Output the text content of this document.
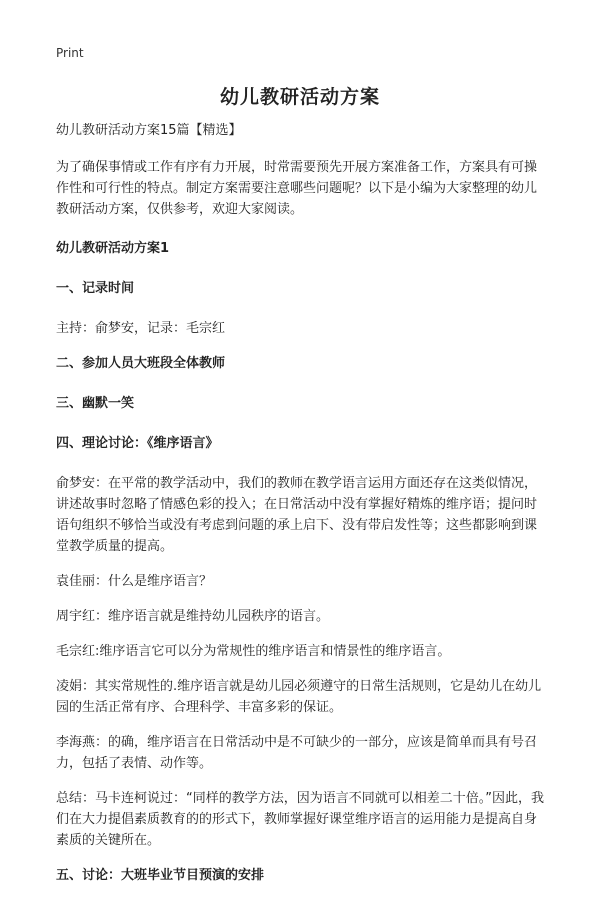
Print
幼儿教研活动方案

幼儿教研活动方案15篇【精选】

为了确保事情或工作有序有力开展，时常需要预先开展方案准备工作，方案具有可操作性和可行性的特点。制定方案需要注意哪些问题呢？以下是小编为大家整理的幼儿教研活动方案，仅供参考，欢迎大家阅读。

幼儿教研活动方案1

一、记录时间

主持：俞梦安，记录：毛宗红

二、参加人员大班段全体教师

三、幽默一笑

四、理论讨论：《维序语言》

俞梦安：在平常的教学活动中，我们的教师在教学语言运用方面还存在这类似情况，讲述故事时忽略了情感色彩的投入；在日常活动中没有掌握好精炼的维序语；提问时语句组织不够恰当或没有考虑到问题的承上启下、没有带启发性等；这些都影响到课堂教学质量的提高。

袁佳丽：什么是维序语言？

周宇红：维序语言就是维持幼儿园秩序的语言。

毛宗红:维序语言它可以分为常规性的维序语言和情景性的维序语言。

凌娟：其实常规性的.维序语言就是幼儿园必须遵守的日常生活规则，它是幼儿在幼儿园的生活正常有序、合理科学、丰富多彩的保证。

李海燕：的确，维序语言在日常活动中是不可缺少的一部分，应该是简单而具有号召力，包括了表情、动作等。

总结：马卡连柯说过：“同样的教学方法，因为语言不同就可以相差二十倍。”因此，我们在大力提倡素质教育的的形式下，教师掌握好课堂维序语言的运用能力是提高自身素质的关键所在。

五、讨论：大班毕业节目预演的安排
